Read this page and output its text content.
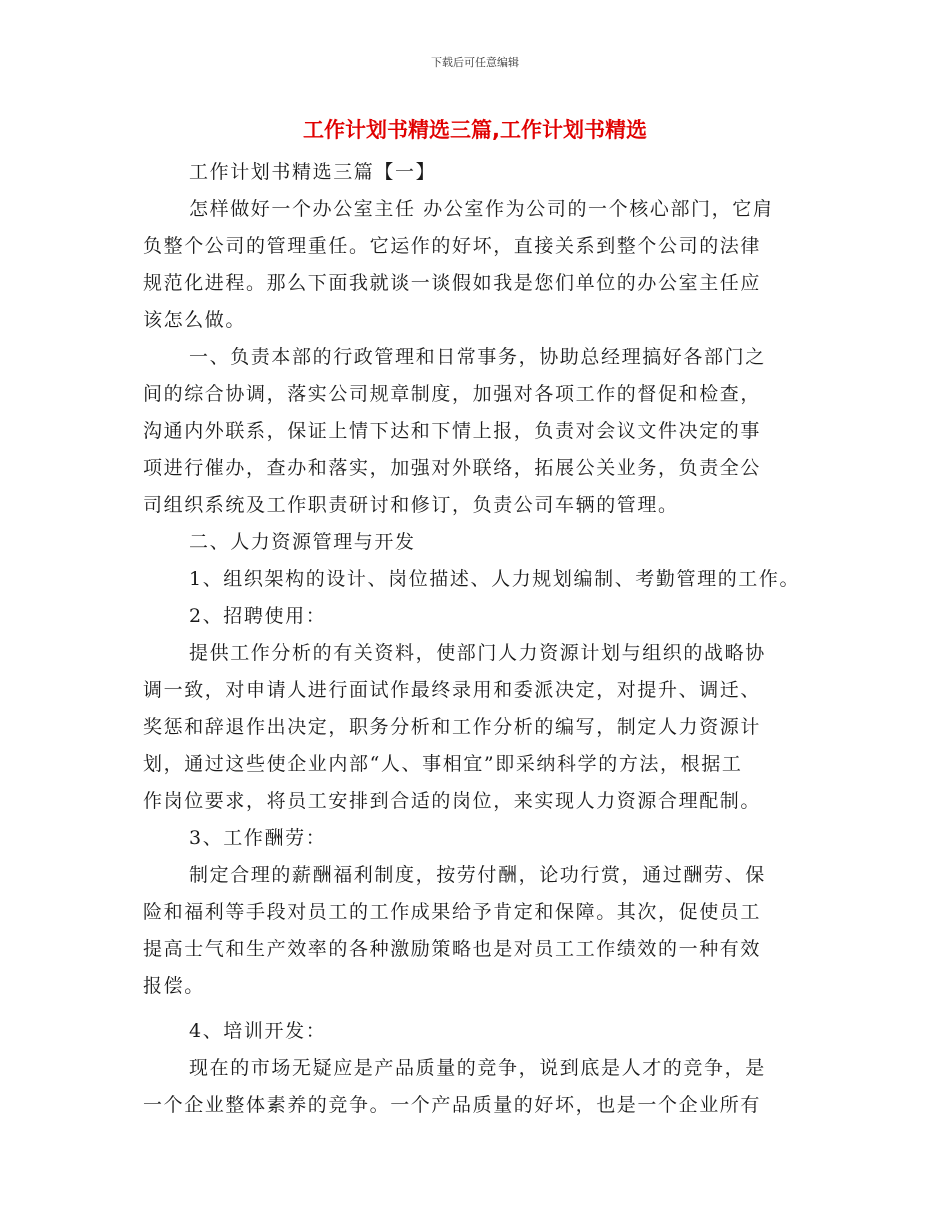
下载后可任意编辑
工作计划书精选三篇,工作计划书精选
工作计划书精选三篇【一】
怎样做好一个办公室主任 办公室作为公司的一个核心部门，它肩
负整个公司的管理重任。它运作的好坏，直接关系到整个公司的法律
规范化进程。那么下面我就谈一谈假如我是您们单位的办公室主任应
该怎么做。
一、负责本部的行政管理和日常事务，协助总经理搞好各部门之
间的综合协调，落实公司规章制度，加强对各项工作的督促和检查，
沟通内外联系，保证上情下达和下情上报，负责对会议文件决定的事
项进行催办，查办和落实，加强对外联络，拓展公关业务，负责全公
司组织系统及工作职责研讨和修订，负责公司车辆的管理。
二、人力资源管理与开发
1、组织架构的设计、岗位描述、人力规划编制、考勤管理的工作。
2、招聘使用：
提供工作分析的有关资料，使部门人力资源计划与组织的战略协
调一致，对申请人进行面试作最终录用和委派决定，对提升、调迁、
奖惩和辞退作出决定，职务分析和工作分析的编写，制定人力资源计
划，通过这些使企业内部“人、事相宜”即采纳科学的方法，根据工
作岗位要求，将员工安排到合适的岗位，来实现人力资源合理配制。
3、工作酬劳：
制定合理的薪酬福利制度，按劳付酬，论功行赏，通过酬劳、保
险和福利等手段对员工的工作成果给予肯定和保障。其次，促使员工
提高士气和生产效率的各种激励策略也是对员工工作绩效的一种有效
报偿。
4、培训开发：
现在的市场无疑应是产品质量的竞争，说到底是人才的竞争，是
一个企业整体素养的竞争。一个产品质量的好坏，也是一个企业所有
